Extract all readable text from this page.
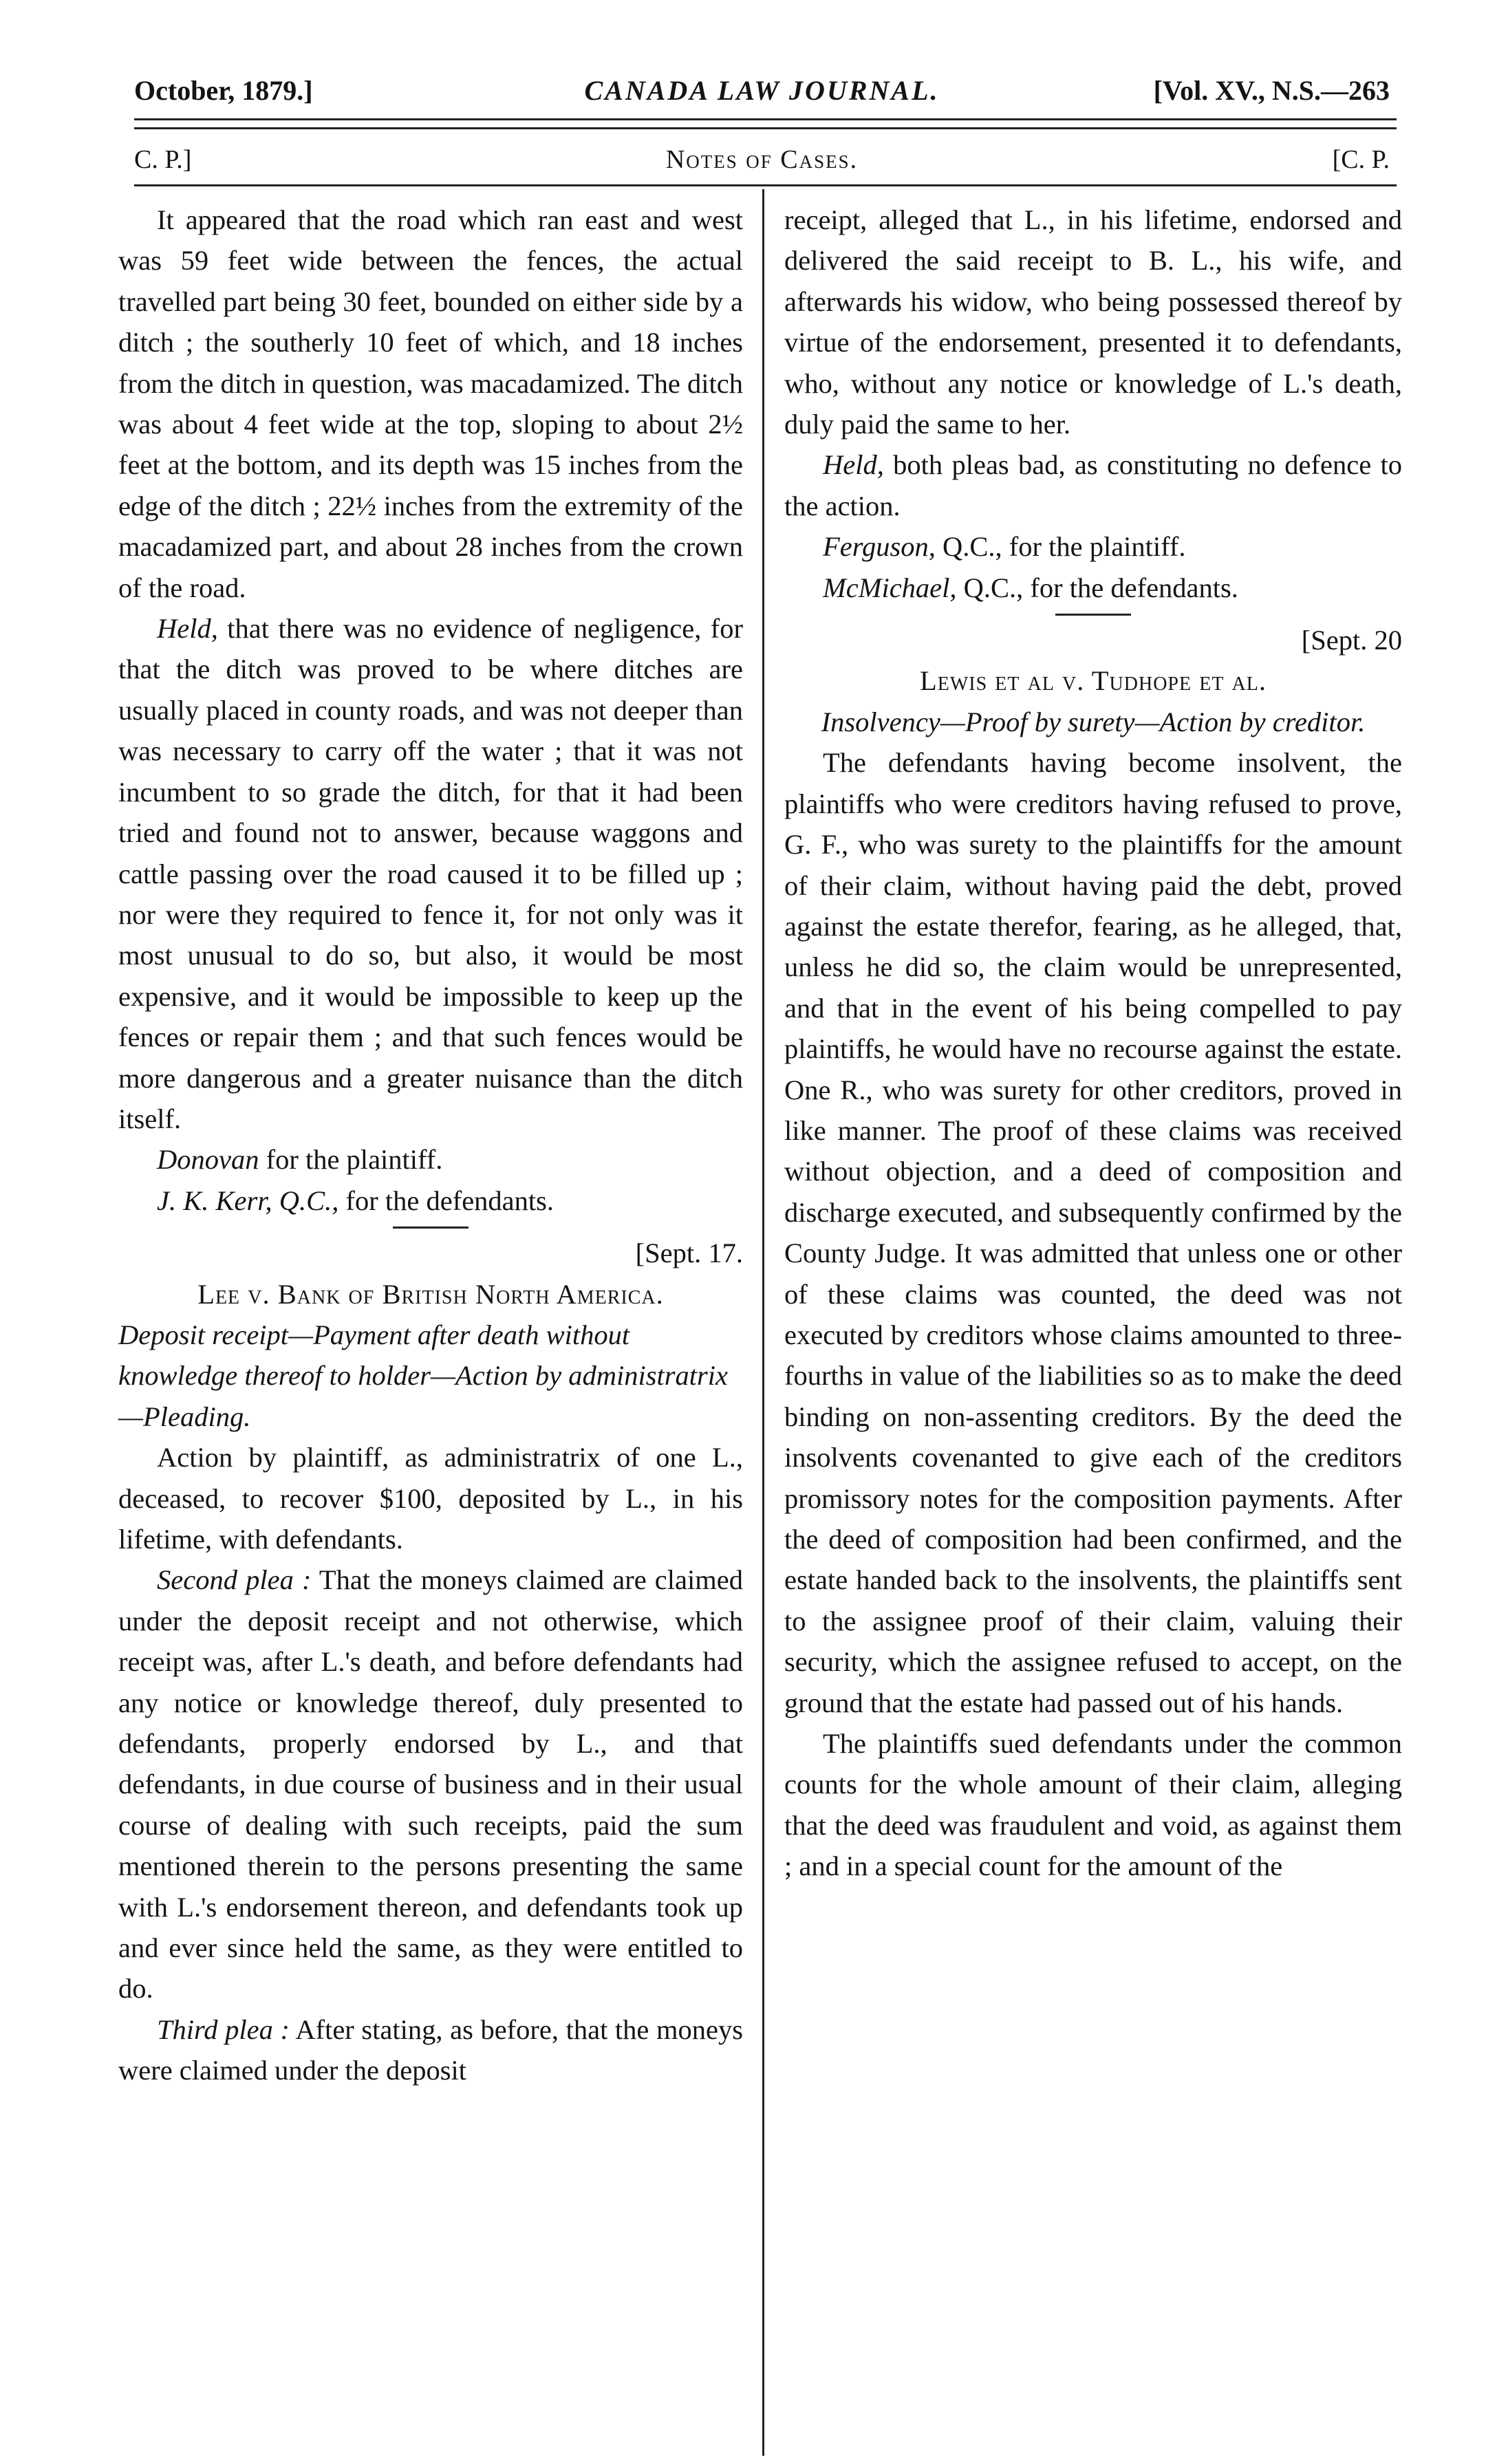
October, 1879.]	CANADA LAW JOURNAL.	[Vol. XV., N.S.—263
C. P.]	Notes of Cases.	[C. P.

It appeared that the road which ran east and west was 59 feet wide between the fences, the actual travelled part being 30 feet, bounded on either side by a ditch ; the southerly 10 feet of which, and 18 inches from the ditch in question, was macadamized. The ditch was about 4 feet wide at the top, sloping to about 2½ feet at the bottom, and its depth was 15 inches from the edge of the ditch ; 22½ inches from the extremity of the macadamized part, and about 28 inches from the crown of the road.

Held, that there was no evidence of negligence, for that the ditch was proved to be where ditches are usually placed in county roads, and was not deeper than was necessary to carry off the water ; that it was not incumbent to so grade the ditch, for that it had been tried and found not to answer, because waggons and cattle passing over the road caused it to be filled up ; nor were they required to fence it, for not only was it most unusual to do so, but also, it would be most expensive, and it would be impossible to keep up the fences or repair them ; and that such fences would be more dangerous and a greater nuisance than the ditch itself.

Donovan for the plaintiff.

J. K. Kerr, Q.C., for the defendants.

[Sept. 17.

Lee v. Bank of British North America.

Deposit receipt—Payment after death without knowledge thereof to holder—Action by administratrix—Pleading.

Action by plaintiff, as administratrix of one L., deceased, to recover $100, deposited by L., in his lifetime, with defendants.

Second plea : That the moneys claimed are claimed under the deposit receipt and not otherwise, which receipt was, after L.'s death, and before defendants had any notice or knowledge thereof, duly presented to defendants, properly endorsed by L., and that defendants, in due course of business and in their usual course of dealing with such receipts, paid the sum mentioned therein to the persons presenting the same with L.'s endorsement thereon, and defendants took up and ever since held the same, as they were entitled to do.

Third plea : After stating, as before, that the moneys were claimed under the deposit

receipt, alleged that L., in his lifetime, endorsed and delivered the said receipt to B. L., his wife, and afterwards his widow, who being possessed thereof by virtue of the endorsement, presented it to defendants, who, without any notice or knowledge of L.'s death, duly paid the same to her.

Held, both pleas bad, as constituting no defence to the action.

Ferguson, Q.C., for the plaintiff.

McMichael, Q.C., for the defendants.

[Sept. 20

Lewis et al v. Tudhope et al.

Insolvency—Proof by surety—Action by creditor.

The defendants having become insolvent, the plaintiffs who were creditors having refused to prove, G. F., who was surety to the plaintiffs for the amount of their claim, without having paid the debt, proved against the estate therefor, fearing, as he alleged, that, unless he did so, the claim would be unrepresented, and that in the event of his being compelled to pay plaintiffs, he would have no recourse against the estate. One R., who was surety for other creditors, proved in like manner. The proof of these claims was received without objection, and a deed of composition and discharge executed, and subsequently confirmed by the County Judge. It was admitted that unless one or other of these claims was counted, the deed was not executed by creditors whose claims amounted to three-fourths in value of the liabilities so as to make the deed binding on non-assenting creditors. By the deed the insolvents covenanted to give each of the creditors promissory notes for the composition payments. After the deed of composition had been confirmed, and the estate handed back to the insolvents, the plaintiffs sent to the assignee proof of their claim, valuing their security, which the assignee refused to accept, on the ground that the estate had passed out of his hands.

The plaintiffs sued defendants under the common counts for the whole amount of their claim, alleging that the deed was fraudulent and void, as against them ; and in a special count for the amount of the
